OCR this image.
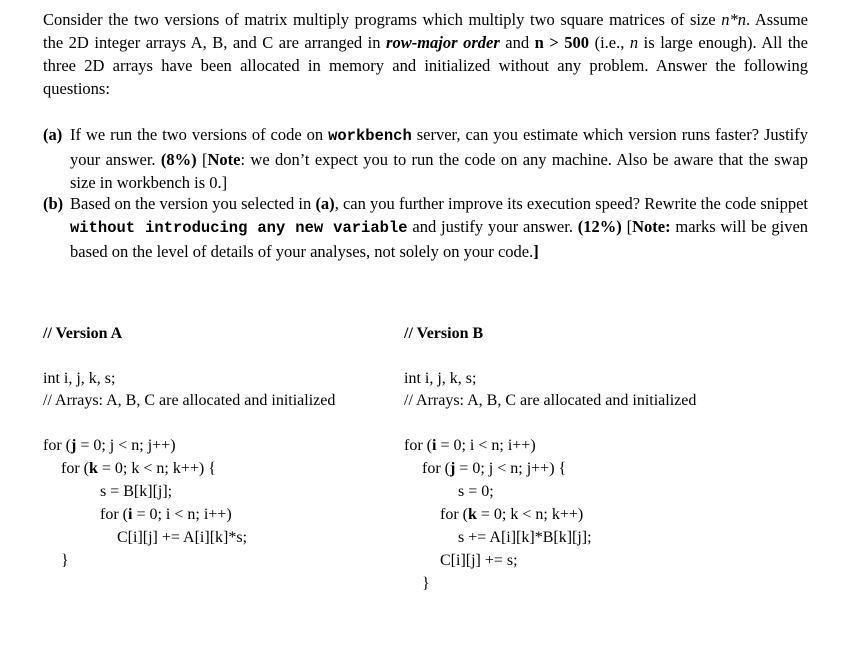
Consider the two versions of matrix multiply programs which multiply two square matrices of size n*n. Assume the 2D integer arrays A, B, and C are arranged in row-major order and n > 500 (i.e., n is large enough). All the three 2D arrays have been allocated in memory and initialized without any problem. Answer the following questions:
(a) If we run the two versions of code on workbench server, can you estimate which version runs faster? Justify your answer. (8%) [Note: we don’t expect you to run the code on any machine. Also be aware that the swap size in workbench is 0.]
(b) Based on the version you selected in (a), can you further improve its execution speed? Rewrite the code snippet without introducing any new variable and justify your answer. (12%) [Note: marks will be given based on the level of details of your analyses, not solely on your code.]
// Version A
int i, j, k, s;
// Arrays: A, B, C are allocated and initialized
for (j = 0; j < n; j++)
for (k = 0; k < n; k++) {
s = B[k][j];
for (i = 0; i < n; i++)
C[i][j] += A[i][k]*s;
}
// Version B
int i, j, k, s;
// Arrays: A, B, C are allocated and initialized
for (i = 0; i < n; i++)
for (j = 0; j < n; j++) {
s = 0;
for (k = 0; k < n; k++)
s += A[i][k]*B[k][j];
C[i][j] += s;
}
